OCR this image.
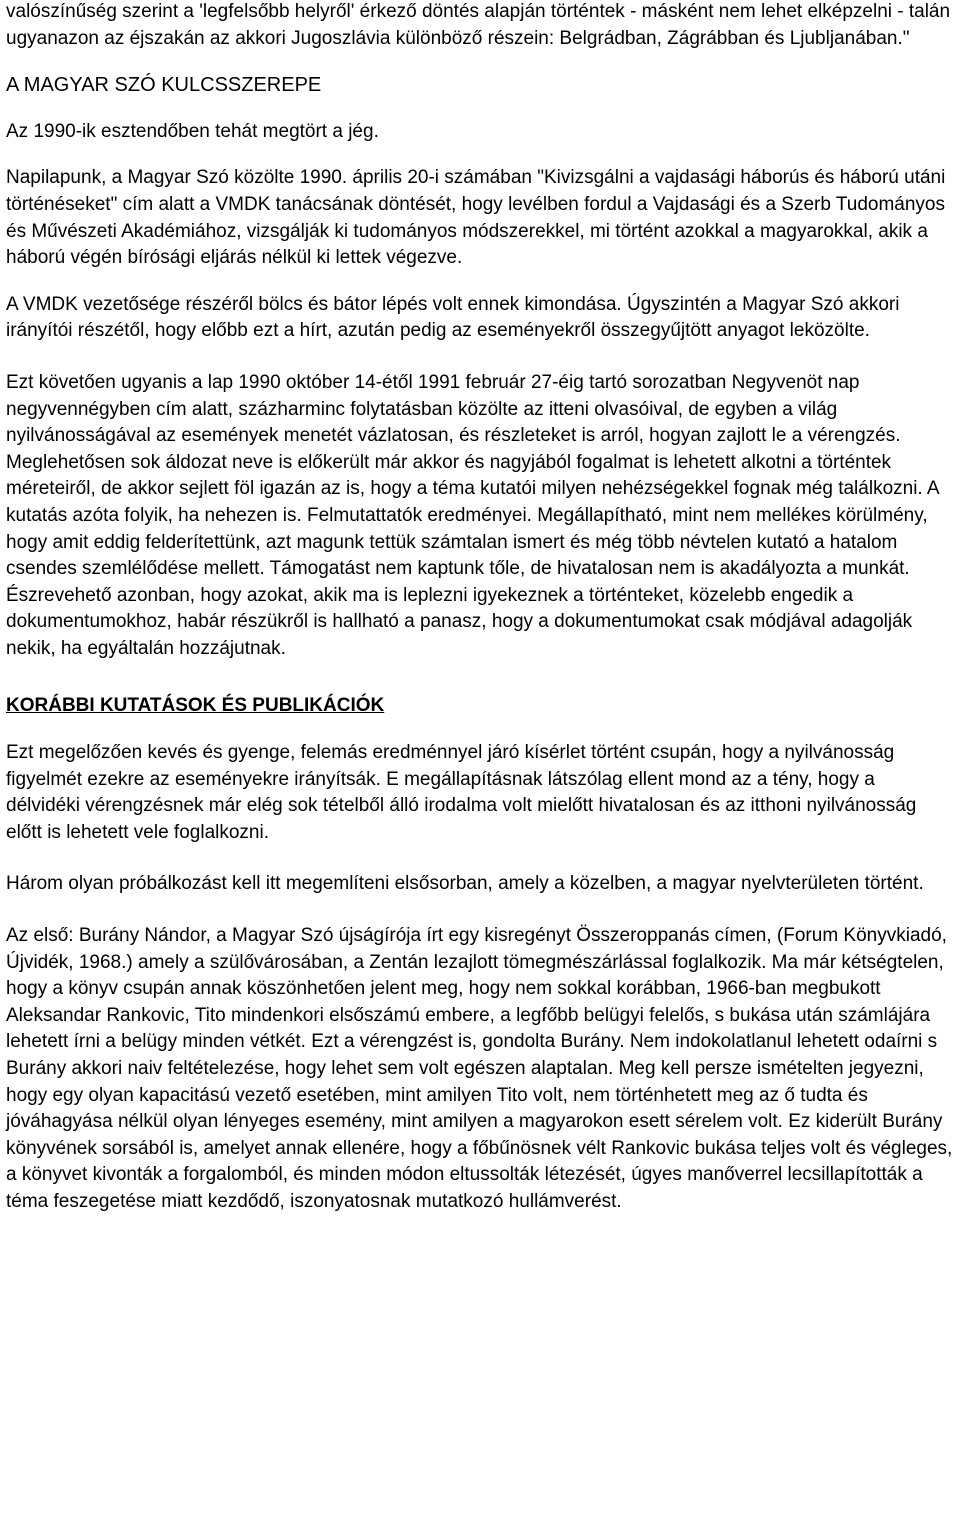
valószínűség szerint a 'legfelsőbb helyről' érkező döntés alapján történtek - másként nem lehet elképzelni - talán ugyanazon az éjszakán az akkori Jugoszlávia különböző részein: Belgrádban, Zágrábban és Ljubljanában."

A MAGYAR SZÓ KULCSSZEREPE

Az 1990-ik esztendőben tehát megtört a jég.

Napilapunk, a Magyar Szó közölte 1990. április 20-i számában "Kivizsgálni a vajdasági háborús és háború utáni történéseket" cím alatt a VMDK tanácsának döntését, hogy levélben fordul a Vajdasági és a Szerb Tudományos és Művészeti Akadémiához, vizsgálják ki tudományos módszerekkel, mi történt azokkal a magyarokkal, akik a háború végén bírósági eljárás nélkül ki lettek végezve.

A VMDK vezetősége részéről bölcs és bátor lépés volt ennek kimondása. Úgyszintén a Magyar Szó akkori irányítói részétől, hogy előbb ezt a hírt, azután pedig az eseményekről összegyűjtött anyagot leközölte.

Ezt követően ugyanis a lap 1990 október 14-étől 1991 február 27-éig tartó sorozatban Negyvenöt nap negyvennégyben cím alatt, százharminc folytatásban közölte az itteni olvasóival, de egyben a világ nyilvánosságával az események menetét vázlatosan, és részleteket is arról, hogyan zajlott le a vérengzés. Meglehetősen sok áldozat neve is előkerült már akkor és nagyjából fogalmat is lehetett alkotni a történtek méreteiről, de akkor sejlett föl igazán az is, hogy a téma kutatói milyen nehézségekkel fognak még találkozni. A kutatás azóta folyik, ha nehezen is. Felmutattatók eredményei. Megállapítható, mint nem mellékes körülmény, hogy amit eddig felderítettünk, azt magunk tettük számtalan ismert és még több névtelen kutató a hatalom csendes szemlélődése mellett. Támogatást nem kaptunk tőle, de hivatalosan nem is akadályozta a munkát. Észrevehető azonban, hogy azokat, akik ma is leplezni igyekeznek a történteket, közelebb engedik a dokumentumokhoz, habár részükről is hallható a panasz, hogy a dokumentumokat csak módjával adagolják nekik, ha egyáltalán hozzájutnak.

KORÁBBI KUTATÁSOK ÉS PUBLIKÁCIÓK

Ezt megelőzően kevés és gyenge, felemás eredménnyel járó kísérlet történt csupán, hogy a nyilvánosság figyelmét ezekre az eseményekre irányítsák. E megállapításnak látszólag ellent mond az a tény, hogy a délvidéki vérengzésnek már elég sok tételből álló irodalma volt mielőtt hivatalosan és az itthoni nyilvánosság előtt is lehetett vele foglalkozni.

Három olyan próbálkozást kell itt megemlíteni elsősorban, amely a közelben, a magyar nyelvterületen történt.

Az első: Burány Nándor, a Magyar Szó újságírója írt egy kisregényt Összeroppanás címen, (Forum Könyvkiadó, Újvidék, 1968.) amely a szülővárosában, a Zentán lezajlott tömegmészárlással foglalkozik. Ma már kétségtelen, hogy a könyv csupán annak köszönhetően jelent meg, hogy nem sokkal korábban, 1966-ban megbukott Aleksandar Rankovic, Tito mindenkori elsőszámú embere, a legfőbb belügyi felelős, s bukása után számlájára lehetett írni a belügy minden vétkét. Ezt a vérengzést is, gondolta Burány. Nem indokolatlanul lehetett odaírni s Burány akkori naiv feltételezése, hogy lehet sem volt egészen alaptalan. Meg kell persze ismételten jegyezni, hogy egy olyan kapacitású vezető esetében, mint amilyen Tito volt, nem történhetett meg az ő tudta és jóváhagyása nélkül olyan lényeges esemény, mint amilyen a magyarokon esett sérelem volt. Ez kiderült Burány könyvének sorsából is, amelyet annak ellenére, hogy a főbűnösnek vélt Rankovic bukása teljes volt és végleges, a könyvet kivonták a forgalomból, és minden módon eltussolták létezését, úgyes manőverrel lecsillapították a téma feszegetése miatt kezdődő, iszonyatosnak mutatkozó hullámverést.
